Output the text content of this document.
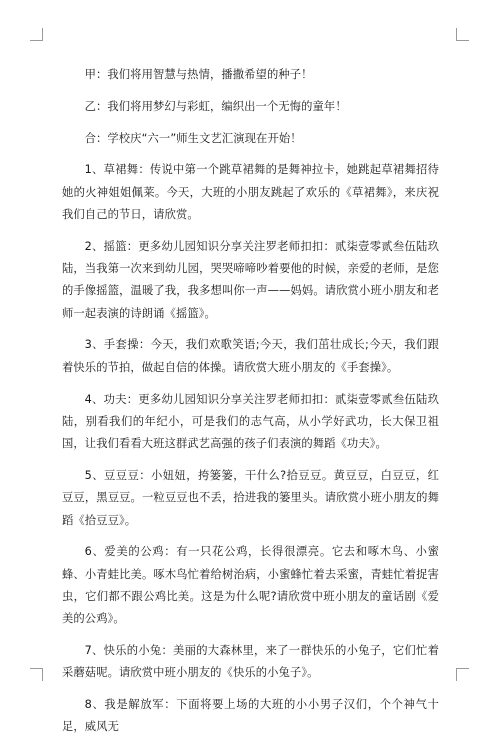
甲：我们将用智慧与热情，播撒希望的种子！

乙：我们将用梦幻与彩虹，编织出一个无悔的童年！

合：学校庆“六一”师生文艺汇演现在开始！

1、草裙舞：传说中第一个跳草裙舞的是舞神拉卡，她跳起草裙舞招待她的火神姐姐佩莱。今天，大班的小朋友跳起了欢乐的《草裙舞》，来庆祝我们自己的节日，请欣赏。

2、摇篮：更多幼儿园知识分享关注罗老师扣扣：贰柒壹零贰叁伍陆玖陆，当我第一次来到幼儿园，哭哭啼啼吵着要他的时候，亲爱的老师，是您的手像摇篮，温暖了我，我多想叫你一声——妈妈。请欣赏小班小朋友和老师一起表演的诗朗诵《摇篮》。

3、手套操：今天，我们欢歌笑语;今天，我们茁壮成长;今天，我们跟着快乐的节拍，做起自信的体操。请欣赏大班小朋友的《手套操》。

4、功夫：更多幼儿园知识分享关注罗老师扣扣：贰柒壹零贰叁伍陆玖陆，别看我们的年纪小，可是我们的志气高，从小学好武功，长大保卫祖国，让我们看看大班这群武艺高强的孩子们表演的舞蹈《功夫》。

5、豆豆豆：小妞妞，挎篓篓，干什么?拾豆豆。黄豆豆，白豆豆，红豆豆，黑豆豆。一粒豆豆也不丢，拾进我的篓里头。请欣赏小班小朋友的舞蹈《拾豆豆》。

6、爱美的公鸡：有一只花公鸡，长得很漂亮。它去和啄木鸟、小蜜蜂、小青蛙比美。啄木鸟忙着给树治病，小蜜蜂忙着去采蜜，青蛙忙着捉害虫，它们都不跟公鸡比美。这是为什么呢?请欣赏中班小朋友的童话剧《爱美的公鸡》。

7、快乐的小兔：美丽的大森林里，来了一群快乐的小兔子，它们忙着采蘑菇呢。请欣赏中班小朋友的《快乐的小兔子》。

8、我是解放军：下面将要上场的大班的小小男子汉们，个个神气十足，威风无
